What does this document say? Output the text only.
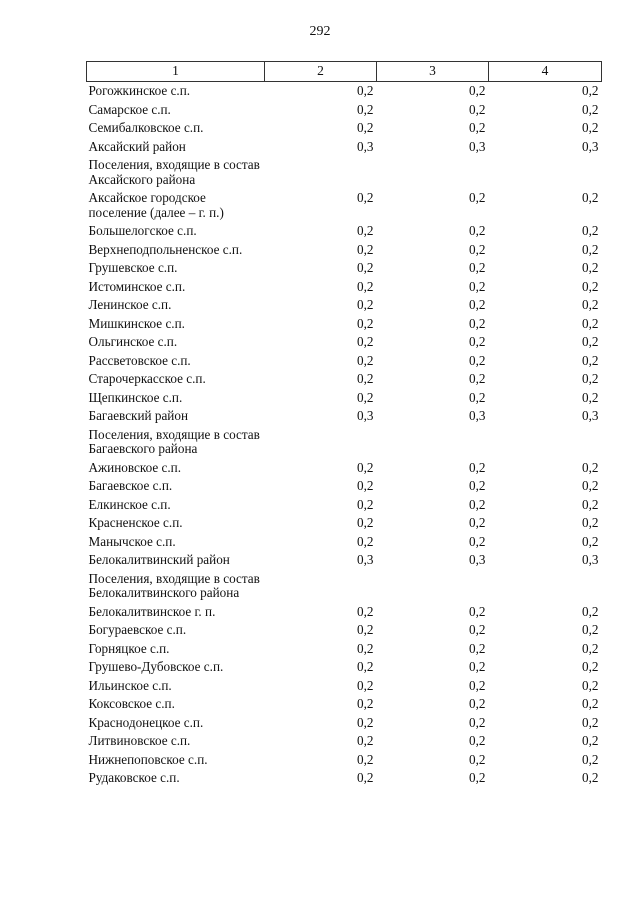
292
1	2	3	4
Рогожкинское с.п.	0,2	0,2	0,2
Самарское с.п.	0,2	0,2	0,2
Семибалковское с.п.	0,2	0,2	0,2
Аксайский район	0,3	0,3	0,3
Поселения, входящие в состав Аксайского района			
Аксайское городское поселение (далее – г. п.)	0,2	0,2	0,2
Большелогское с.п.	0,2	0,2	0,2
Верхнеподпольненское с.п.	0,2	0,2	0,2
Грушевское с.п.	0,2	0,2	0,2
Истоминское с.п.	0,2	0,2	0,2
Ленинское с.п.	0,2	0,2	0,2
Мишкинское с.п.	0,2	0,2	0,2
Ольгинское с.п.	0,2	0,2	0,2
Рассветовское с.п.	0,2	0,2	0,2
Старочеркасское с.п.	0,2	0,2	0,2
Щепкинское с.п.	0,2	0,2	0,2
Багаевский район	0,3	0,3	0,3
Поселения, входящие в состав Багаевского района			
Ажиновское с.п.	0,2	0,2	0,2
Багаевское с.п.	0,2	0,2	0,2
Елкинское с.п.	0,2	0,2	0,2
Красненское с.п.	0,2	0,2	0,2
Манычское с.п.	0,2	0,2	0,2
Белокалитвинский район	0,3	0,3	0,3
Поселения, входящие в состав Белокалитвинского района			
Белокалитвинское г. п.	0,2	0,2	0,2
Богураевское с.п.	0,2	0,2	0,2
Горняцкое с.п.	0,2	0,2	0,2
Грушево-Дубовское с.п.	0,2	0,2	0,2
Ильинское с.п.	0,2	0,2	0,2
Коксовское с.п.	0,2	0,2	0,2
Краснодонецкое с.п.	0,2	0,2	0,2
Литвиновское с.п.	0,2	0,2	0,2
Нижнепоповское с.п.	0,2	0,2	0,2
Рудаковское с.п.	0,2	0,2	0,2
